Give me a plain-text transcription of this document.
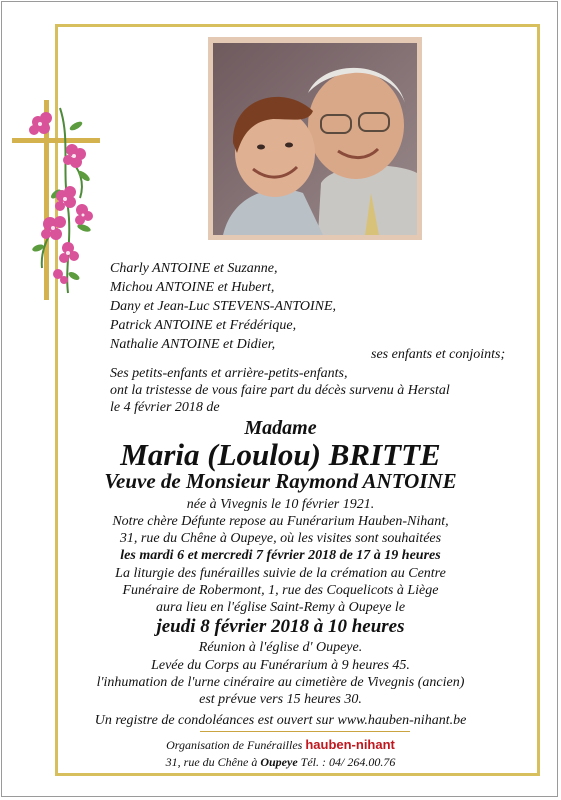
Charly ANTOINE et Suzanne,
Michou ANTOINE et Hubert,
Dany et Jean-Luc STEVENS-ANTOINE,
Patrick ANTOINE et Frédérique,
Nathalie ANTOINE et Didier,
ses enfants et conjoints;
Ses petits-enfants et arrière-petits-enfants,
ont la tristesse de vous faire part du décès survenu à Herstal
le 4 février 2018 de
Madame
Maria (Loulou) BRITTE
Veuve de Monsieur Raymond ANTOINE
née à Vivegnis le 10 février 1921.
Notre chère Défunte repose au Funérarium Hauben-Nihant,
31, rue du Chêne à Oupeye, où les visites sont souhaitées
les mardi 6 et mercredi 7 février 2018 de 17 à 19 heures
La liturgie des funérailles suivie de la crémation au Centre
Funéraire de Robermont, 1, rue des Coquelicots à Liège
aura lieu en l'église Saint-Remy à Oupeye le
jeudi 8 février 2018 à 10 heures
Réunion à l'église d' Oupeye.
Levée du Corps au Funérarium à 9 heures 45.
l'inhumation de l'urne cinéraire au cimetière de Vivegnis (ancien)
est prévue vers 15 heures 30.
Un registre de condoléances est ouvert sur www.hauben-nihant.be
Organisation de Funérailles hauben-nihant
31, rue du Chêne à Oupeye Tél. : 04/ 264.00.76
